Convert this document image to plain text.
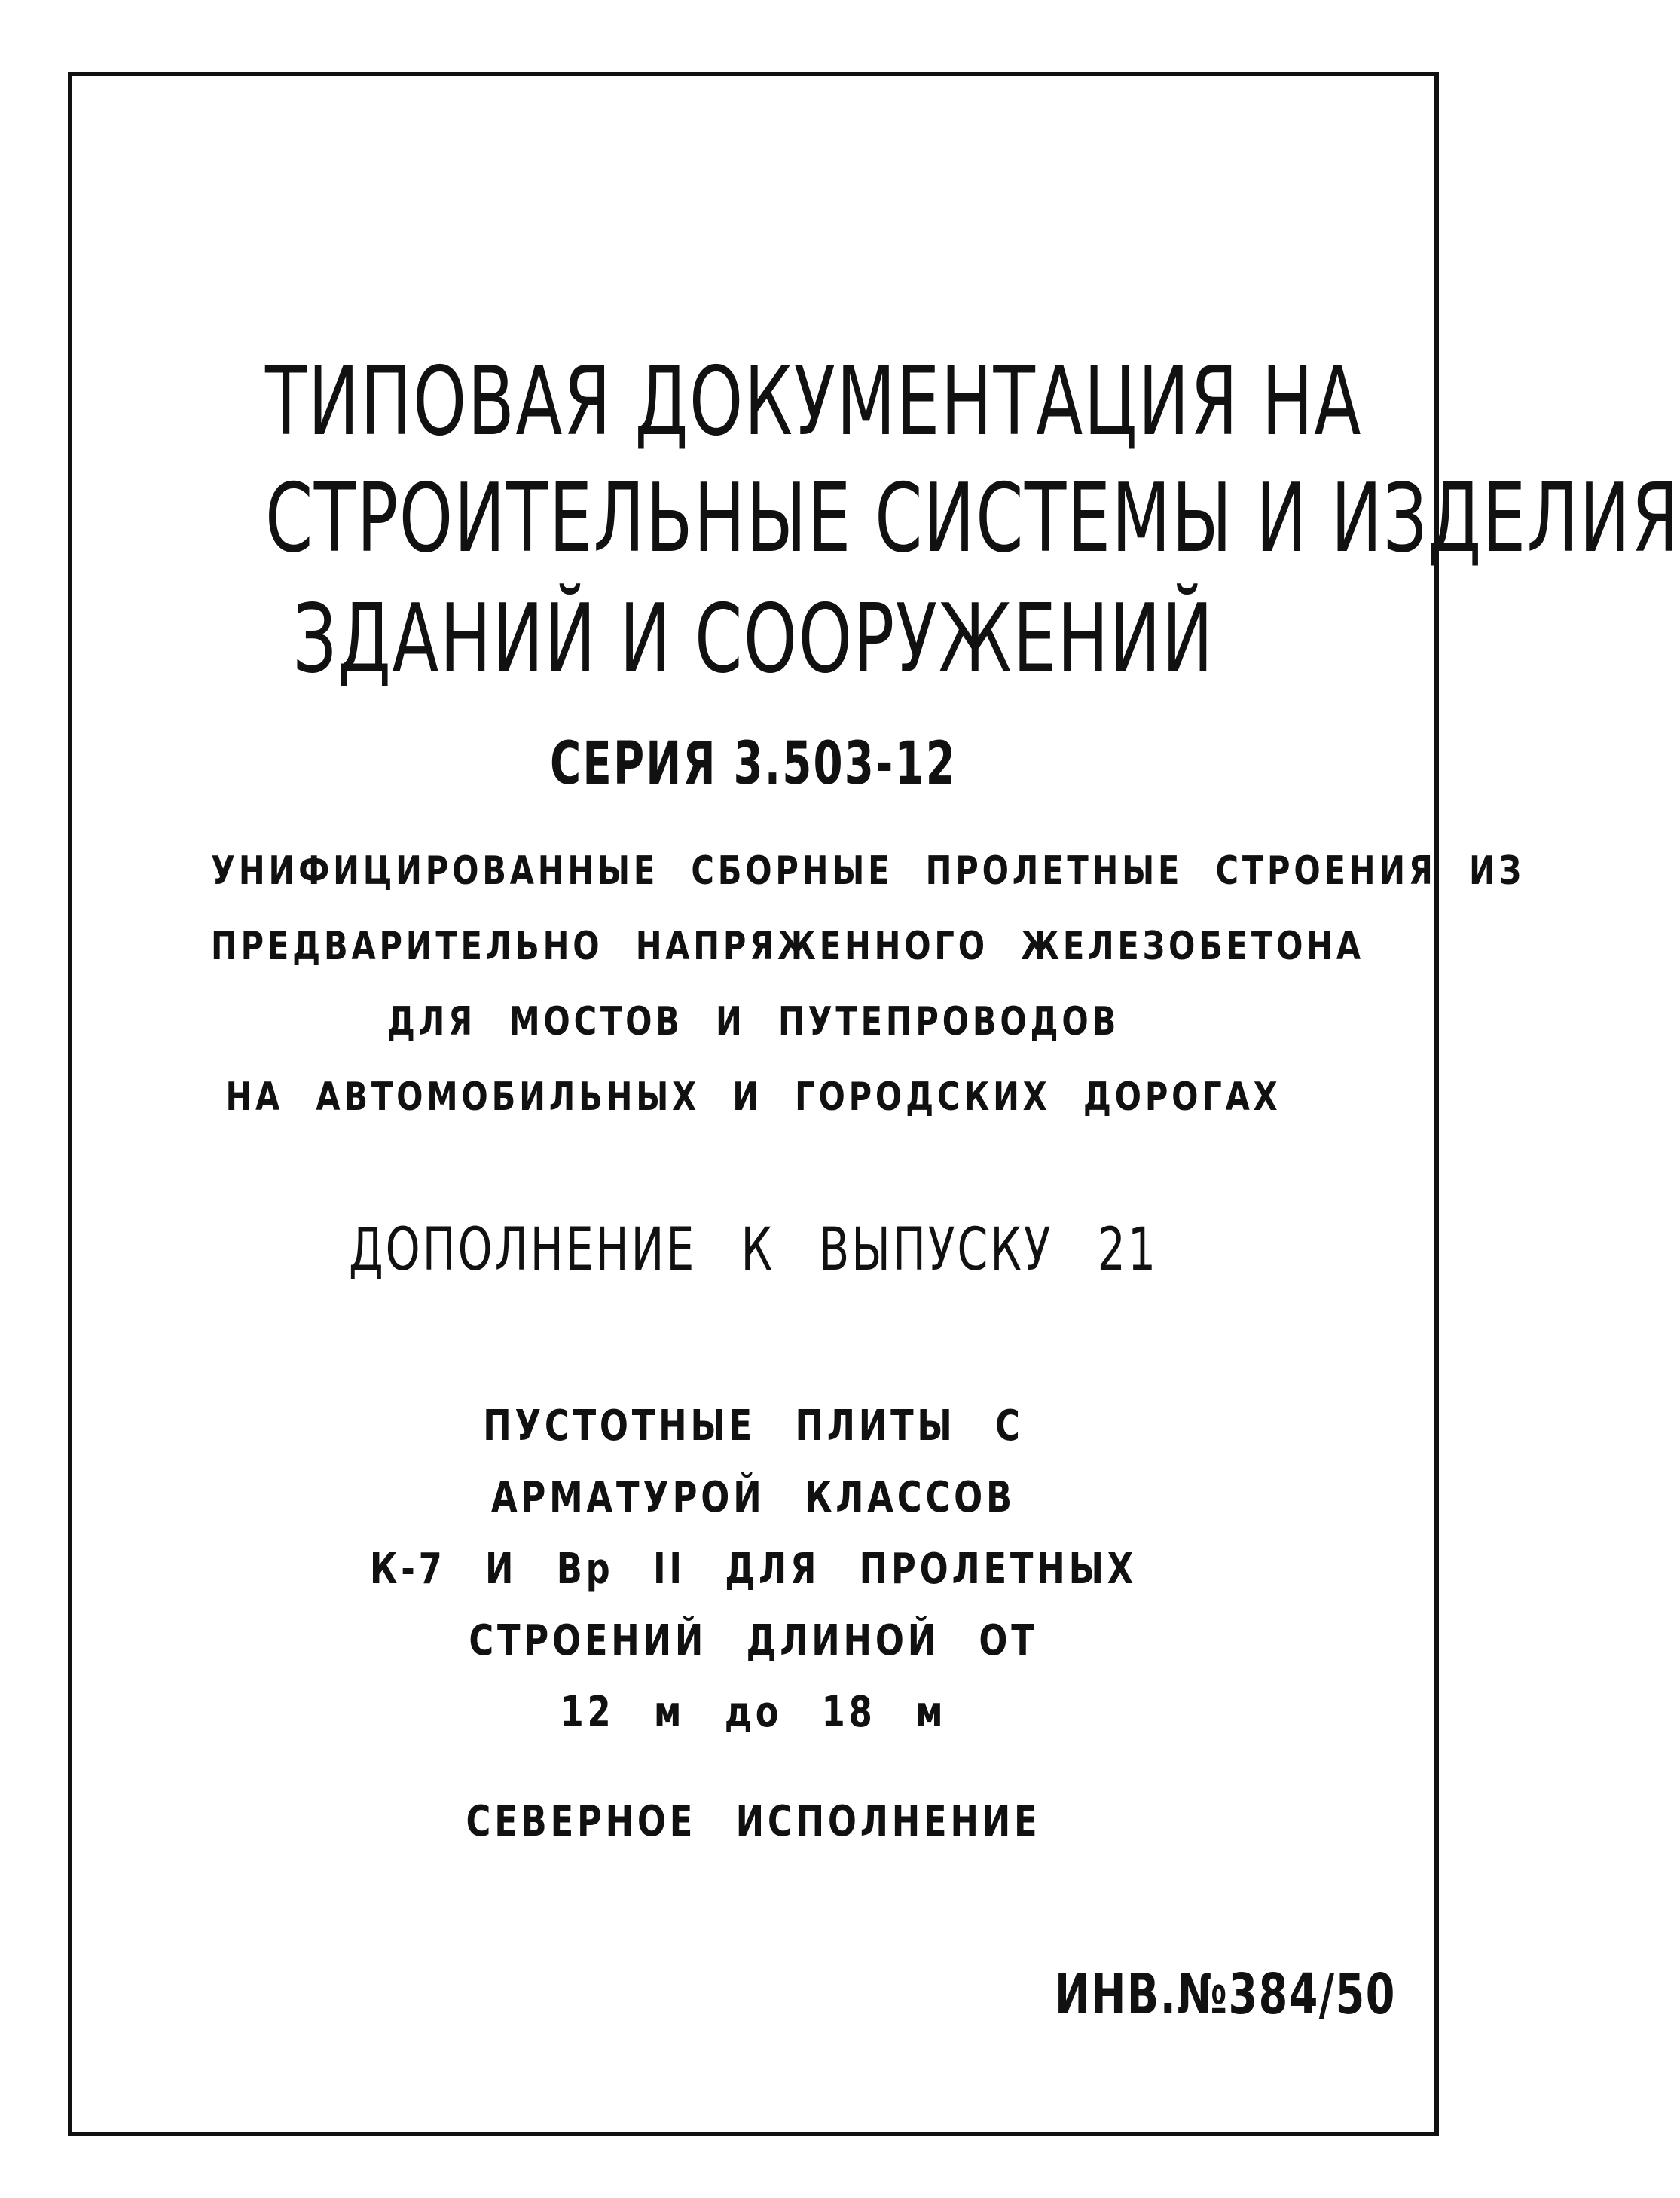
ТИПОВАЯ ДОКУМЕНТАЦИЯ НА
СТРОИТЕЛЬНЫЕ СИСТЕМЫ И ИЗДЕЛИЯ
ЗДАНИЙ И СООРУЖЕНИЙ
СЕРИЯ 3.503-12
УНИФИЦИРОВАННЫЕ СБОРНЫЕ ПРОЛЕТНЫЕ СТРОЕНИЯ ИЗ
ПРЕДВАРИТЕЛЬНО НАПРЯЖЕННОГО ЖЕЛЕЗОБЕТОНА
ДЛЯ МОСТОВ И ПУТЕПРОВОДОВ
НА АВТОМОБИЛЬНЫХ И ГОРОДСКИХ ДОРОГАХ
ДОПОЛНЕНИЕ К ВЫПУСКУ 21
ПУСТОТНЫЕ ПЛИТЫ С
АРМАТУРОЙ КЛАССОВ
К-7 И Вр II ДЛЯ ПРОЛЕТНЫХ
СТРОЕНИЙ ДЛИНОЙ ОТ
12 м до 18 м
СЕВЕРНОЕ ИСПОЛНЕНИЕ
ИНВ.№384/50
